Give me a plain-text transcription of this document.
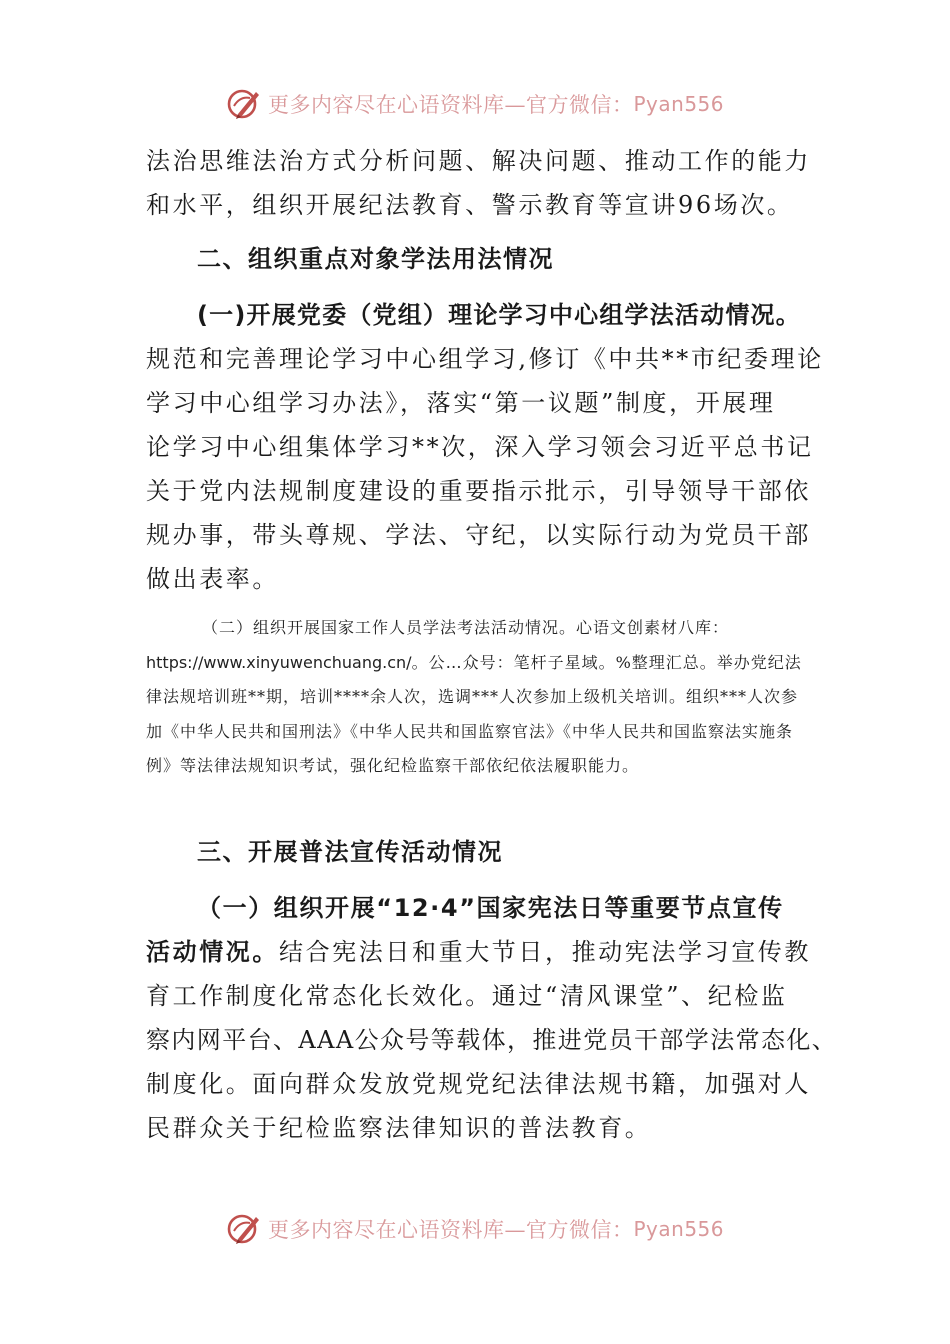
更多内容尽在心语资料库—官方微信： Pyan556
法治思维法治方式分析问题、解决问题、推动工作的能力
和水平，组织开展纪法教育、警示教育等宣讲96场次。
二、组织重点对象学法用法情况
(一)开展党委（党组）理论学习中心组学法活动情况。
规范和完善理论学习中心组学习,修订《中共**市纪委理论
学习中心组学习办法》，落实“第一议题”制度，开展理
论学习中心组集体学习**次，深入学习领会习近平总书记
关于党内法规制度建设的重要指示批示，引导领导干部依
规办事，带头尊规、学法、守纪，以实际行动为党员干部
做出表率。
（二）组织开展国家工作人员学法考法活动情况。心语文创素材八库：https://www.xinyuwenchuang.cn/。公…众号：笔杆子星域。%整理汇总。举办党纪法律法规培训班**期，培训****余人次，选调***人次参加上级机关培训。组织***人次参加《中华人民共和国刑法》《中华人民共和国监察官法》《中华人民共和国监察法实施条例》等法律法规知识考试，强化纪检监察干部依纪依法履职能力。
三、开展普法宣传活动情况
（一）组织开展“12·4”国家宪法日等重要节点宣传
活动情况。结合宪法日和重大节日，推动宪法学习宣传教
育工作制度化常态化长效化。通过“清风课堂”、纪检监
察内网平台、AAA公众号等载体，推进党员干部学法常态化、
制度化。面向群众发放党规党纪法律法规书籍，加强对人
民群众关于纪检监察法律知识的普法教育。
更多内容尽在心语资料库—官方微信： Pyan556
